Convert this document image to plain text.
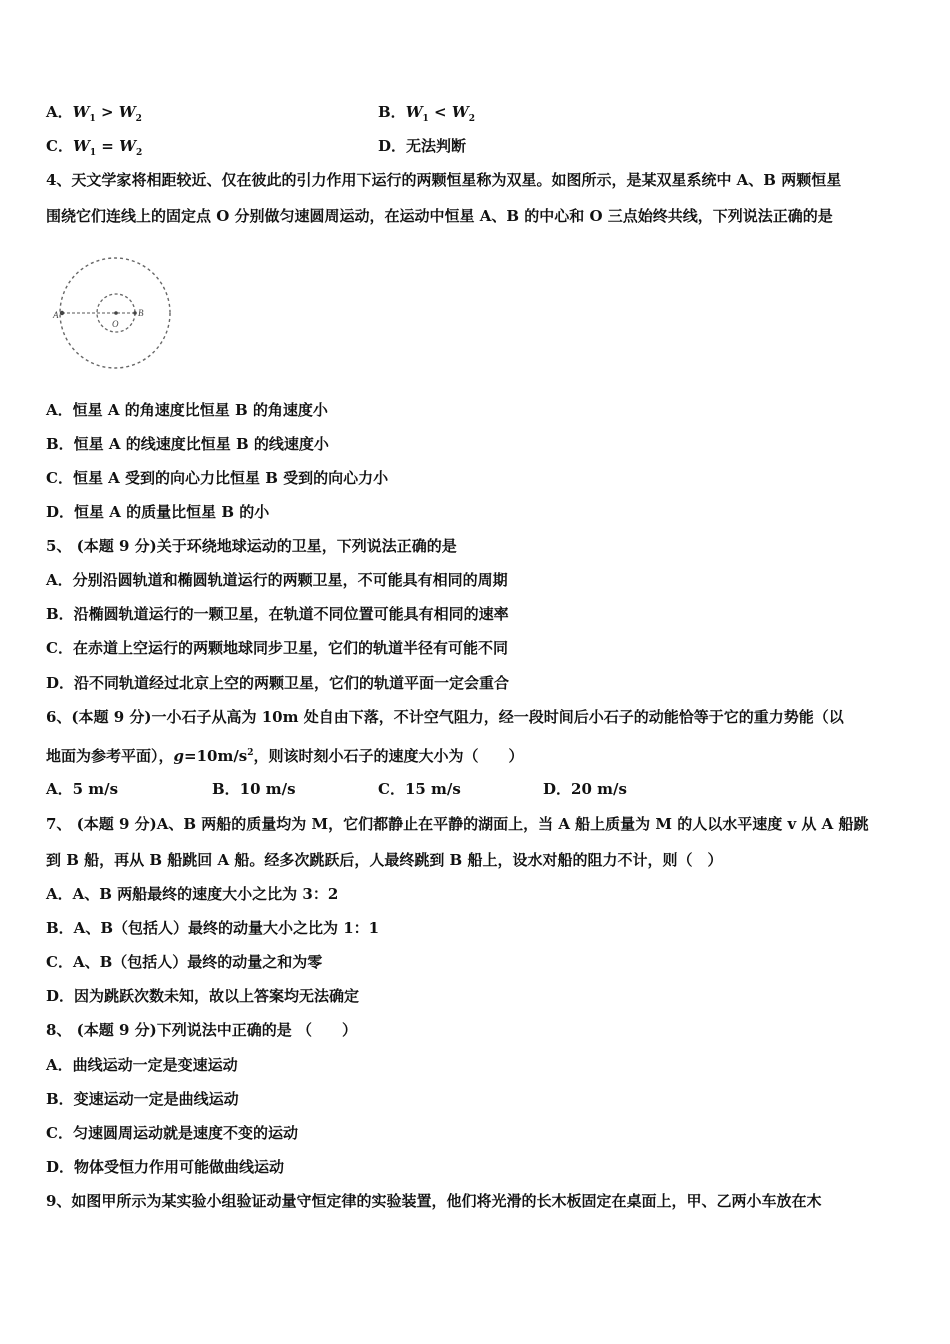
A．$W_1 > W_2$	B．$W_1 < W_2$
C．$W_1 = W_2$	D．无法判断
4、天文学家将相距较近、仅在彼此的引力作用下运行的两颗恒星称为双星。如图所示，是某双星系统中 A、B 两颗恒星
围绕它们连线上的固定点 O 分别做匀速圆周运动，在运动中恒星 A、B 的中心和 O 三点始终共线，下列说法正确的是
A
O
B
A．恒星 A 的角速度比恒星 B 的角速度小
B．恒星 A 的线速度比恒星 B 的线速度小
C．恒星 A 受到的向心力比恒星 B 受到的向心力小
D．恒星 A 的质量比恒星 B 的小
5、 (本题 9 分)关于环绕地球运动的卫星，下列说法正确的是
A．分别沿圆轨道和椭圆轨道运行的两颗卫星，不可能具有相同的周期
B．沿椭圆轨道运行的一颗卫星，在轨道不同位置可能具有相同的速率
C．在赤道上空运行的两颗地球同步卫星，它们的轨道半径有可能不同
D．沿不同轨道经过北京上空的两颗卫星，它们的轨道平面一定会重合
6、(本题 9 分)一小石子从高为 10m 处自由下落，不计空气阻力，经一段时间后小石子的动能恰等于它的重力势能（以
地面为参考平面），$g=10m/s^2$，则该时刻小石子的速度大小为（　　）
A．5 m/s	B．10 m/s	C．15 m/s	D．20 m/s
7、 (本题 9 分)A、B 两船的质量均为 M，它们都静止在平静的湖面上，当 A 船上质量为 M 的人以水平速度 v 从 A 船跳
到 B 船，再从 B 船跳回 A 船。经多次跳跃后，人最终跳到 B 船上，设水对船的阻力不计，则（　）
A．A、B 两船最终的速度大小之比为 3：2
B．A、B（包括人）最终的动量大小之比为 1：1
C．A、B（包括人）最终的动量之和为零
D．因为跳跃次数未知，故以上答案均无法确定
8、 (本题 9 分)下列说法中正确的是 （　　）
A．曲线运动一定是变速运动
B．变速运动一定是曲线运动
C．匀速圆周运动就是速度不变的运动
D．物体受恒力作用可能做曲线运动
9、如图甲所示为某实验小组验证动量守恒定律的实验装置，他们将光滑的长木板固定在桌面上，甲、乙两小车放在木
